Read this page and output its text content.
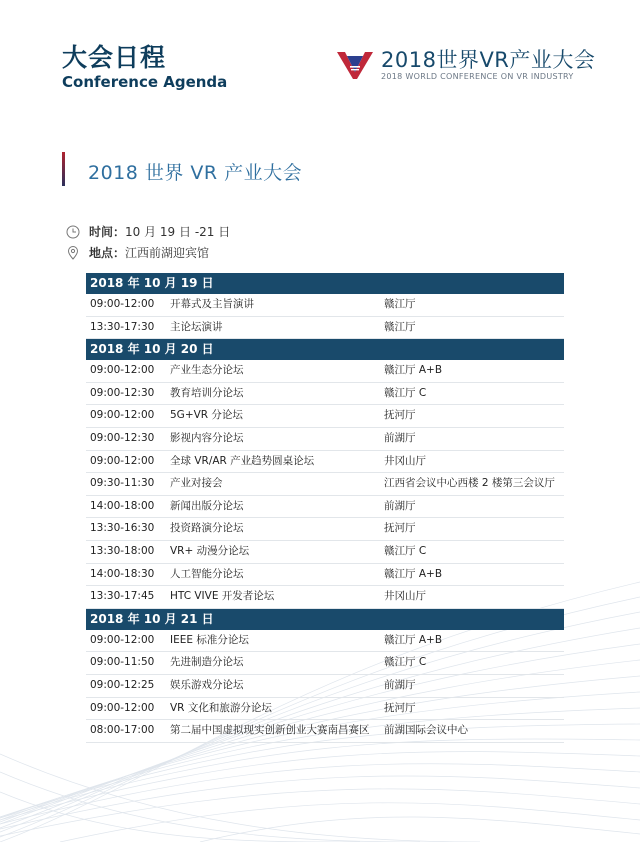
大会日程
Conference Agenda
2018世界VR产业大会
2018 WORLD CONFERENCE ON VR INDUSTRY
2018 世界 VR 产业大会
时间： 10 月 19 日 -21 日
地点： 江西前湖迎宾馆
2018 年 10 月 19 日
09:00-12:00	开幕式及主旨演讲	赣江厅
13:30-17:30	主论坛演讲	赣江厅
2018 年 10 月 20 日
09:00-12:00	产业生态分论坛	赣江厅 A+B
09:00-12:30	教育培训分论坛	赣江厅 C
09:00-12:00	5G+VR 分论坛	抚河厅
09:00-12:30	影视内容分论坛	前湖厅
09:00-12:00	全球 VR/AR 产业趋势圆桌论坛	井冈山厅
09:30-11:30	产业对接会	江西省会议中心西楼 2 楼第三会议厅
14:00-18:00	新闻出版分论坛	前湖厅
13:30-16:30	投资路演分论坛	抚河厅
13:30-18:00	VR+ 动漫分论坛	赣江厅 C
14:00-18:30	人工智能分论坛	赣江厅 A+B
13:30-17:45	HTC VIVE 开发者论坛	井冈山厅
2018 年 10 月 21 日
09:00-12:00	IEEE 标准分论坛	赣江厅 A+B
09:00-11:50	先进制造分论坛	赣江厅 C
09:00-12:25	娱乐游戏分论坛	前湖厅
09:00-12:00	VR 文化和旅游分论坛	抚河厅
08:00-17:00	第二届中国虚拟现实创新创业大赛南昌赛区	前湖国际会议中心
